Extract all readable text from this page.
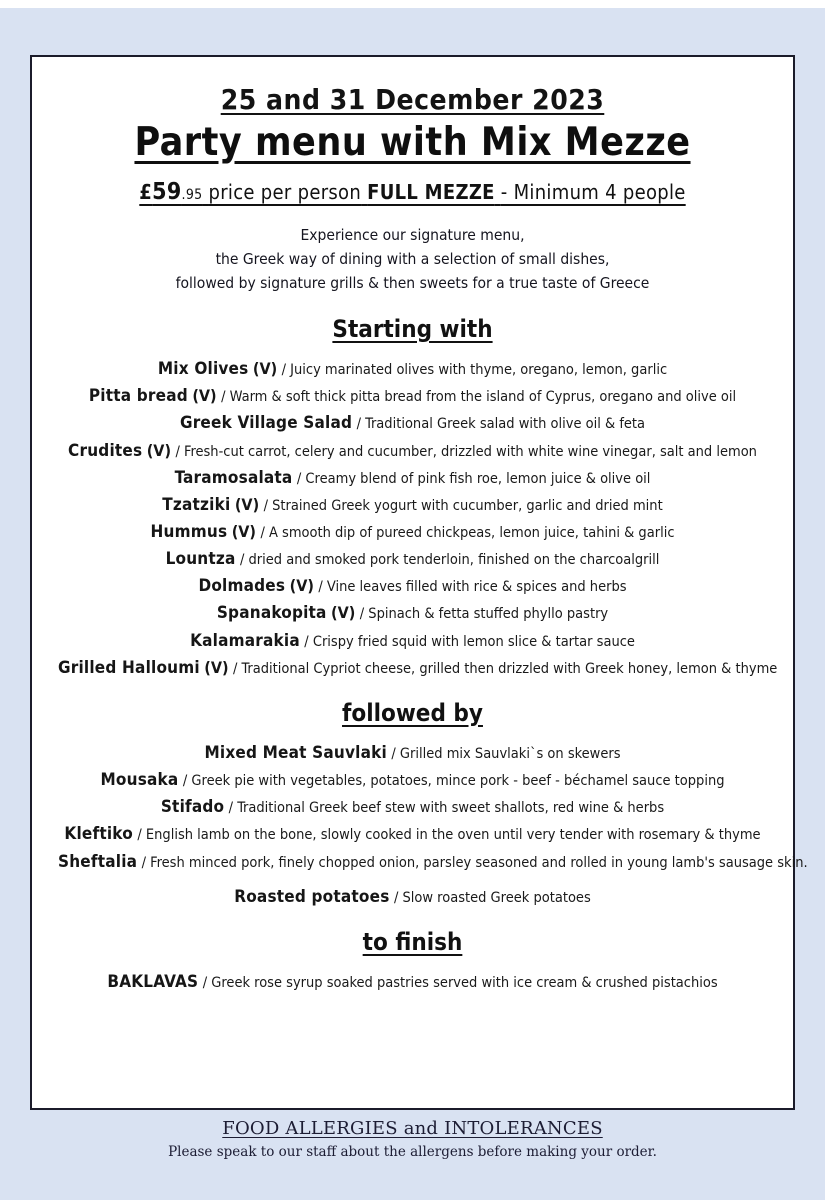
25 and 31 December 2023
Party menu with Mix Mezze
£59.95 price per person FULL MEZZE - Minimum 4 people
Experience our signature menu,
the Greek way of dining with a selection of small dishes,
followed by signature grills & then sweets for a true taste of Greece
Starting with
Mix Olives (V) / Juicy marinated olives with thyme, oregano, lemon, garlic
Pitta bread (V) / Warm & soft thick pitta bread from the island of Cyprus, oregano and olive oil
Greek Village Salad / Traditional Greek salad with olive oil & feta
Crudites (V) / Fresh-cut carrot, celery and cucumber, drizzled with white wine vinegar, salt and lemon
Taramosalata / Creamy blend of pink fish roe, lemon juice & olive oil
Tzatziki (V) / Strained Greek yogurt with cucumber, garlic and dried mint
Hummus (V) / A smooth dip of pureed chickpeas, lemon juice, tahini & garlic
Lountza / dried and smoked pork tenderloin, finished on the charcoalgrill
Dolmades (V) / Vine leaves filled with rice & spices and herbs
Spanakopita (V) / Spinach & fetta stuffed phyllo pastry
Kalamarakia / Crispy fried squid with lemon slice & tartar sauce
Grilled Halloumi (V) / Traditional Cypriot cheese, grilled then drizzled with Greek honey, lemon & thyme
followed by
Mixed Meat Sauvlaki / Grilled mix Sauvlaki`s on skewers
Mousaka / Greek pie with vegetables, potatoes, mince pork - beef - béchamel sauce topping
Stifado / Traditional Greek beef stew with sweet shallots, red wine & herbs
Kleftiko / English lamb on the bone, slowly cooked in the oven until very tender with rosemary & thyme
Sheftalia / Fresh minced pork, finely chopped onion, parsley seasoned and rolled in young lamb's sausage skin.
Roasted potatoes / Slow roasted Greek potatoes
to finish
BAKLAVAS / Greek rose syrup soaked pastries served with ice cream & crushed pistachios
FOOD ALLERGIES and INTOLERANCES
Please speak to our staff about the allergens before making your order.
